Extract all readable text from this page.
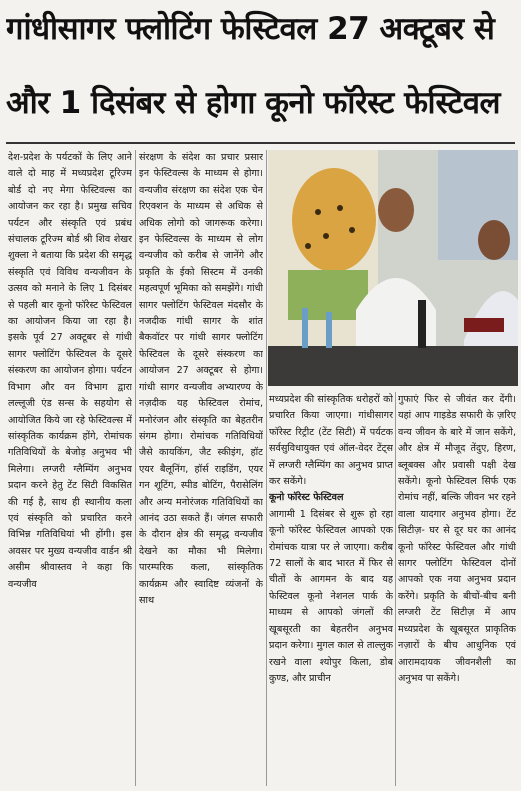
गांधीसागर फ्लोटिंग फेस्टिवल 27 अक्टूबर से
और 1 दिसंबर से होगा कूनो फॉरेस्ट फेस्टिवल

देश-प्रदेश के पर्यटकों के लिए आने वाले दो माह में मध्यप्रदेश टूरिज्म बोर्ड दो नए मेगा फेस्टिवल्स का आयोजन कर रहा है। प्रमुख सचिव पर्यटन और संस्कृति एवं प्रबंध संचालक टूरिज्म बोर्ड श्री शिव शेखर शुक्ला ने बताया कि प्रदेश की समृद्ध संस्कृति एवं विविध वन्यजीवन के उत्सव को मनाने के लिए 1 दिसंबर से पहली बार कूनो फॉरेस्ट फेस्टिवल का आयोजन किया जा रहा है। इसके पूर्व 27 अक्टूबर से गांधी सागर फ्लोटिंग फेस्टिवल के दूसरे संस्करण का आयोजन होगा। पर्यटन विभाग और वन विभाग द्वारा लल्लूजी एंड सन्स के सहयोग से आयोजित किये जा रहे फेस्टिवल्स में सांस्कृतिक कार्यक्रम होंगे, रोमांचक गतिविधियों के बेजोड़ अनुभव भी मिलेगा। लग्जरी ग्लैम्पिंग अनुभव प्रदान करने हेतु टेंट सिटी विकसित की गई है, साथ ही स्थानीय कला एवं संस्कृति को प्रचारित करने विभिन्न गतिविधियां भी होंगी। इस अवसर पर मुख्य वन्यजीव वार्डन श्री असीम श्रीवास्तव ने कहा कि वन्यजीव

संरक्षण के संदेश का प्रचार प्रसार इन फेस्टिवल्स के माध्यम से होगा। वन्यजीव संरक्षण का संदेश एक चेन रिएक्शन के माध्यम से अधिक से अधिक लोगो को जागरूक करेगा। इन फेस्टिवल्स के माध्यम से लोग वन्यजीव को करीब से जानेंगे और प्रकृति के ईको सिस्टम में उनकी महत्वपूर्ण भूमिका को समझेंगे। गांधी सागर फ्लोटिंग फेस्टिवल मंदसौर के नजदीक गांधी सागर के शांत बैकवॉटर पर गांधी सागर फ्लोटिंग फेस्टिवल के दूसरे संस्करण का आयोजन 27 अक्टूबर से होगा। गांधी सागर वन्यजीव अभ्यारण्य के नज़दीक यह फेस्टिवल रोमांच, मनोरंजन और संस्कृति का बेहतरीन संगम होगा। रोमांचक गतिविधियों जैसे कायकिंग, जैट स्कीइंग, हॉट एयर बैलूनिंग, हॉर्स राइडिंग, एयर गन शूटिंग, स्पीड बोटिंग, पैरासेलिंग और अन्य मनोरंजक गतिविधियों का आनंद उठा सकते हैं। जंगल सफारी के दौरान क्षेत्र की समृद्ध वन्यजीव देखने का मौका भी मिलेगा। पारम्परिक कला, सांस्कृतिक कार्यक्रम और स्वादिष्ट व्यंजनों के साथ

मध्यप्रदेश की सांस्कृतिक धरोहरों को प्रचारित किया जाएगा। गांधीसागर फॉरेस्ट रिट्रीट (टेंट सिटी) में पर्यटक सर्वसुविधायुक्त एवं ऑल-वेदर टेंट्स में लग्जरी ग्लैम्पिंग का अनुभव प्राप्त कर सकेंगे।

कूनो फॉरेस्ट फेस्टिवल

आगामी 1 दिसंबर से शुरू हो रहा कूनो फॉरेस्ट फेस्टिवल आपको एक रोमांचक यात्रा पर ले जाएगा। करीब 72 सालों के बाद भारत में फिर से चीतों के आगमन के बाद यह फेस्टिवल कूनो नेशनल पार्क के माध्यम से आपको जंगलों की खूबसूरती का बेहतरीन अनुभव प्रदान करेगा। मुगल काल से ताल्लुक रखने वाला श्योपुर किला, डोब कुण्ड, और प्राचीन

गुफाएं फिर से जीवंत कर देंगी। यहां आप गाइडेड सफारी के ज़रिए वन्य जीवन के बारे में जान सकेंगे, और क्षेत्र में मौजूद तेंदुए, हिरण, ब्लूबक्स और प्रवासी पक्षी देख सकेंगे। कूनो फेस्टिवल सिर्फ एक रोमांच नहीं, बल्कि जीवन भर रहने वाला यादगार अनुभव होगा। टेंट सिटीज़- घर से दूर घर का आनंद कूनो फॉरेस्ट फेस्टिवल और गांधी सागर फ्लोटिंग फेस्टिवल दोनों आपको एक नया अनुभव प्रदान करेंगे। प्रकृति के बीचों-बीच बनी लग्जरी टेंट सिटीज़ में आप मध्यप्रदेश के खूबसूरत प्राकृतिक नज़ारों के बीच आधुनिक एवं आरामदायक जीवनशैली का अनुभव पा सकेंगे।
